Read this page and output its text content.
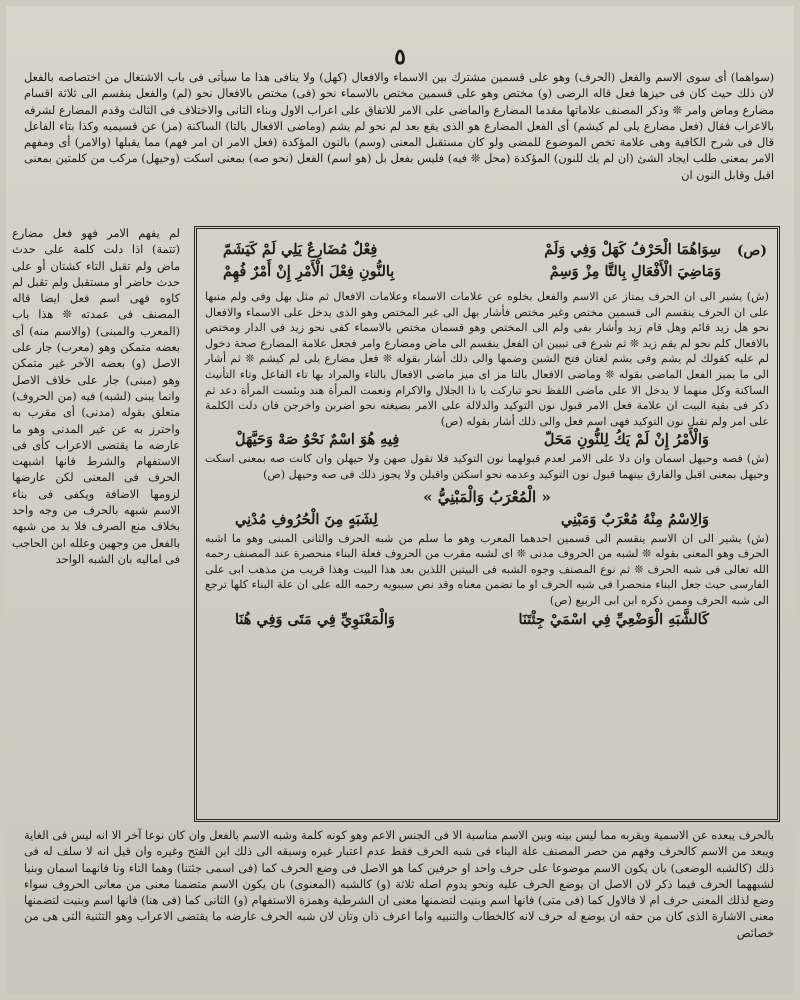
٥

(سواهما) أى سوى الاسم والفعل (الحرف) وهو على قسمين مشترك بين الاسماء والافعال (كهل) ولا ينافى هذا ما سيأتى فى باب الاشتغال من اختصاصه بالفعل لان ذلك حيث كان فى حيزها فعل قاله الرضى (و) مختص وهو على قسمين مختص بالاسماء نحو (فى) مختص بالافعال نحو (لم) والفعل ينقسم الى ثلاثة اقسام مضارع وماض وامر ❊ وذكر المصنف علاماتها مقدما المضارع والماضى على الامر للاتفاق على اعراب الاول وبناء الثانى والاختلاف فى الثالث وقدم المضارع لشرفه بالاعراب فقال (فعل مضارع يلى لم كيشم) أى الفعل المضارع هو الذى يقع بعد لم نحو لم يشم (وماضى الافعال بالتا) الساكنة (مز) عن قسيميه وكذا بتاء الفاعل قال فى شرح الكافية وهى علامة تخص الموضوع للمضى ولو كان مستقبل المعنى (وسم) بالنون المؤكدة (فعل الامر ان امر فهم) مما يقبلها (والامر) أى ومفهم الامر بمعنى طلب ايجاد الشئ (ان لم يك للنون) المؤكدة (محل ❊ فيه) فليس بفعل بل (هو اسم) الفعل (نحو صه) بمعنى اسكت (وحيهل) مركب من كلمتين بمعنى اقبل وقابل النون ان

لم يفهم الامر فهو فعل مضارع (تتمة) اذا دلت كلمة على حدث ماض ولم تقبل التاء كشتان أو على حدث حاضر أو مستقبل ولم تقبل لم كاوه فهى اسم فعل ايضا قاله المصنف فى عمدته ❊ هذا باب (المعرب والمبنى) (والاسم منه) أى بعضه متمكن وهو (معرب) جار على الاصل (و) بعضه الآخر غير متمكن وهو (مبنى) جار على خلاف الاصل وانما يبنى (لشبه) فيه (من الحروف) متعلق بقوله (مدنى) أى مقرب به واحترز به عن غير المدنى وهو ما عارضه ما يقتضى الاعراب كأى فى الاستفهام والشرط فانها اشبهت الحرف فى المعنى لكن عارضها لزومها الاضافة ويكفى فى بناء الاسم شبهه بالحرف من وجه واحد بخلاف منع الصرف فلا بد من شبهه بالفعل من وجهين وعلله ابن الحاجب فى اماليه بان الشبه الواحد

(ص)
سِوَاهُمَا الْحَرْفُ كَهَلْ وَفِي وَلَمْ
فِعْلٌ مُضَارِعٌ يَلِي لَمْ كَيَشَمّ
وَمَاضِيَ الْأَفْعَالِ بِالتَّا مِزْ وَسِمْ
بِالنُّونِ فِعْلَ الْأَمْرِ إِنْ أَمْرٌ فُهِمْ

(ش) يشير الى ان الحرف يمتاز عن الاسم والفعل بخلوه عن علامات الاسماء وعلامات الافعال ثم مثل بهل وفى ولم منبها على ان الحرف ينقسم الى قسمين مختص وغير مختص فأشار بهل الى غير المختص وهو الذى يدخل على الاسماء والافعال نحو هل زيد قائم وهل قام زيد وأشار بفى ولم الى المختص وهو قسمان مختص بالاسماء كفى نحو زيد فى الدار ومختص بالافعال كلم نحو لم يقم زيد ❊ ثم شرع فى تبيين ان الفعل ينقسم الى ماض ومضارع وامر فجعل علامة المضارع صحة دخول لم عليه كقولك لم يشم وفى يشم لغتان فتح الشين وضمها والى ذلك أشار بقوله ❊ فعل مضارع يلى لم كيشم ❊ ثم أشار الى ما يميز الفعل الماضى بقوله ❊ وماضى الافعال بالتا مز اى ميز ماضى الافعال بالتاء والمراد بها تاء الفاعل وتاء التأنيث الساكنة وكل منهما لا يدخل الا على ماضى اللفظ نحو تباركت يا ذا الجلال والاكرام ونعمت المرأة هند وبئست المرأة دعد ثم ذكر فى بقية البيت ان علامة فعل الامر قبول نون التوكيد والدلالة على الامر بصيغته نحو اضربن واخرجن فان دلت الكلمة على امر ولم تقبل نون التوكيد فهى اسم فعل والى ذلك أشار بقوله (ص)

وَالْأَمْرُ إِنْ لَمْ يَكُ لِلنُّونِ مَحَلّ
فِيهِ هُوَ اسْمٌ نَحْوُ صَهْ وَحَيَّهَلْ

(ش) فصه وحيهل اسمان وان دلا على الامر لعدم قبولهما نون التوكيد فلا تقول صهن ولا حيهلن وان كانت صه بمعنى اسكت وحيهل بمعنى اقبل والفارق بينهما قبول نون التوكيد وعدمه نحو اسكتن واقبلن ولا يجوز ذلك فى صه وحيهل (ص)

« الْمُعْرَبُ وَالْمَبْنِيُّ »
وَالِاسْمُ مِنْهُ مُعْرَبٌ وَمَبْنِي
لِشَبَهٍ مِنَ الْحُرُوفِ مُدْنِي

(ش) يشير الى ان الاسم ينقسم الى قسمين احدهما المعرب وهو ما سلم من شبه الحرف والثانى المبنى وهو ما اشبه الحرف وهو المعنى بقوله ❊ لشبه من الحروف مدنى ❊ اى لشبه مقرب من الحروف فعلة البناء منحصرة عند المصنف رحمه الله تعالى فى شبه الحرف ❊ ثم نوع المصنف وجوه الشبه فى البيتين اللذين بعد هذا البيت وهذا قريب من مذهب ابى على الفارسى حيث جعل البناء منحصرا فى شبه الحرف او ما تضمن معناه وقد نص سيبويه رحمه الله على ان علة البناء كلها ترجع الى شبه الحرف وممن ذكره ابن ابى الربيع (ص)

كَالشَّبَهِ الْوَضْعِيِّ فِي اسْمَيْ جِئْتَنَا
وَالْمَعْنَوِيِّ فِي مَتَى وَفِي هُنَا

بالحرف يبعده عن الاسمية ويقربه مما ليس بينه وبين الاسم مناسبة الا فى الجنس الاعم وهو كونه كلمة وشبه الاسم بالفعل وان كان نوعا آخر الا انه ليس فى الغاية ويبعد من الاسم كالحرف وفهم من حصر المصنف علة البناء فى شبه الحرف فقط عدم اعتبار غيره وسبقه الى ذلك ابن الفتح وغيره وان قيل انه لا سلف له فى ذلك (كالشبه الوضعى) بان يكون الاسم موضوعا على حرف واحد او حرفين كما هو الاصل فى وضع الحرف كما (فى اسمى جئتنا) وهما التاء ونا فانهما اسمان وبنيا لشبههما الحرف فيما ذكر لان الاصل ان يوضع الحرف عليه ونحو يدوم اصله ثلاثة (و) كالشبه (المعنوى) بان يكون الاسم متضمنا معنى من معانى الحروف سواء وضع لذلك المعنى حرف ام لا فالاول كما (فى متى) فانها اسم وبنيت لتضمنها معنى ان الشرطية وهمزة الاستفهام (و) الثانى كما (فى هنا) فانها اسم وبنيت لتضمنها معنى الاشارة الذى كان من حقه ان يوضع له حرف لانه كالخطاب والتنبيه واما اعرف ذان وتان لان شبه الحرف عارضه ما يقتضى الاعراب وهو التثنية التى هى من خصائص
